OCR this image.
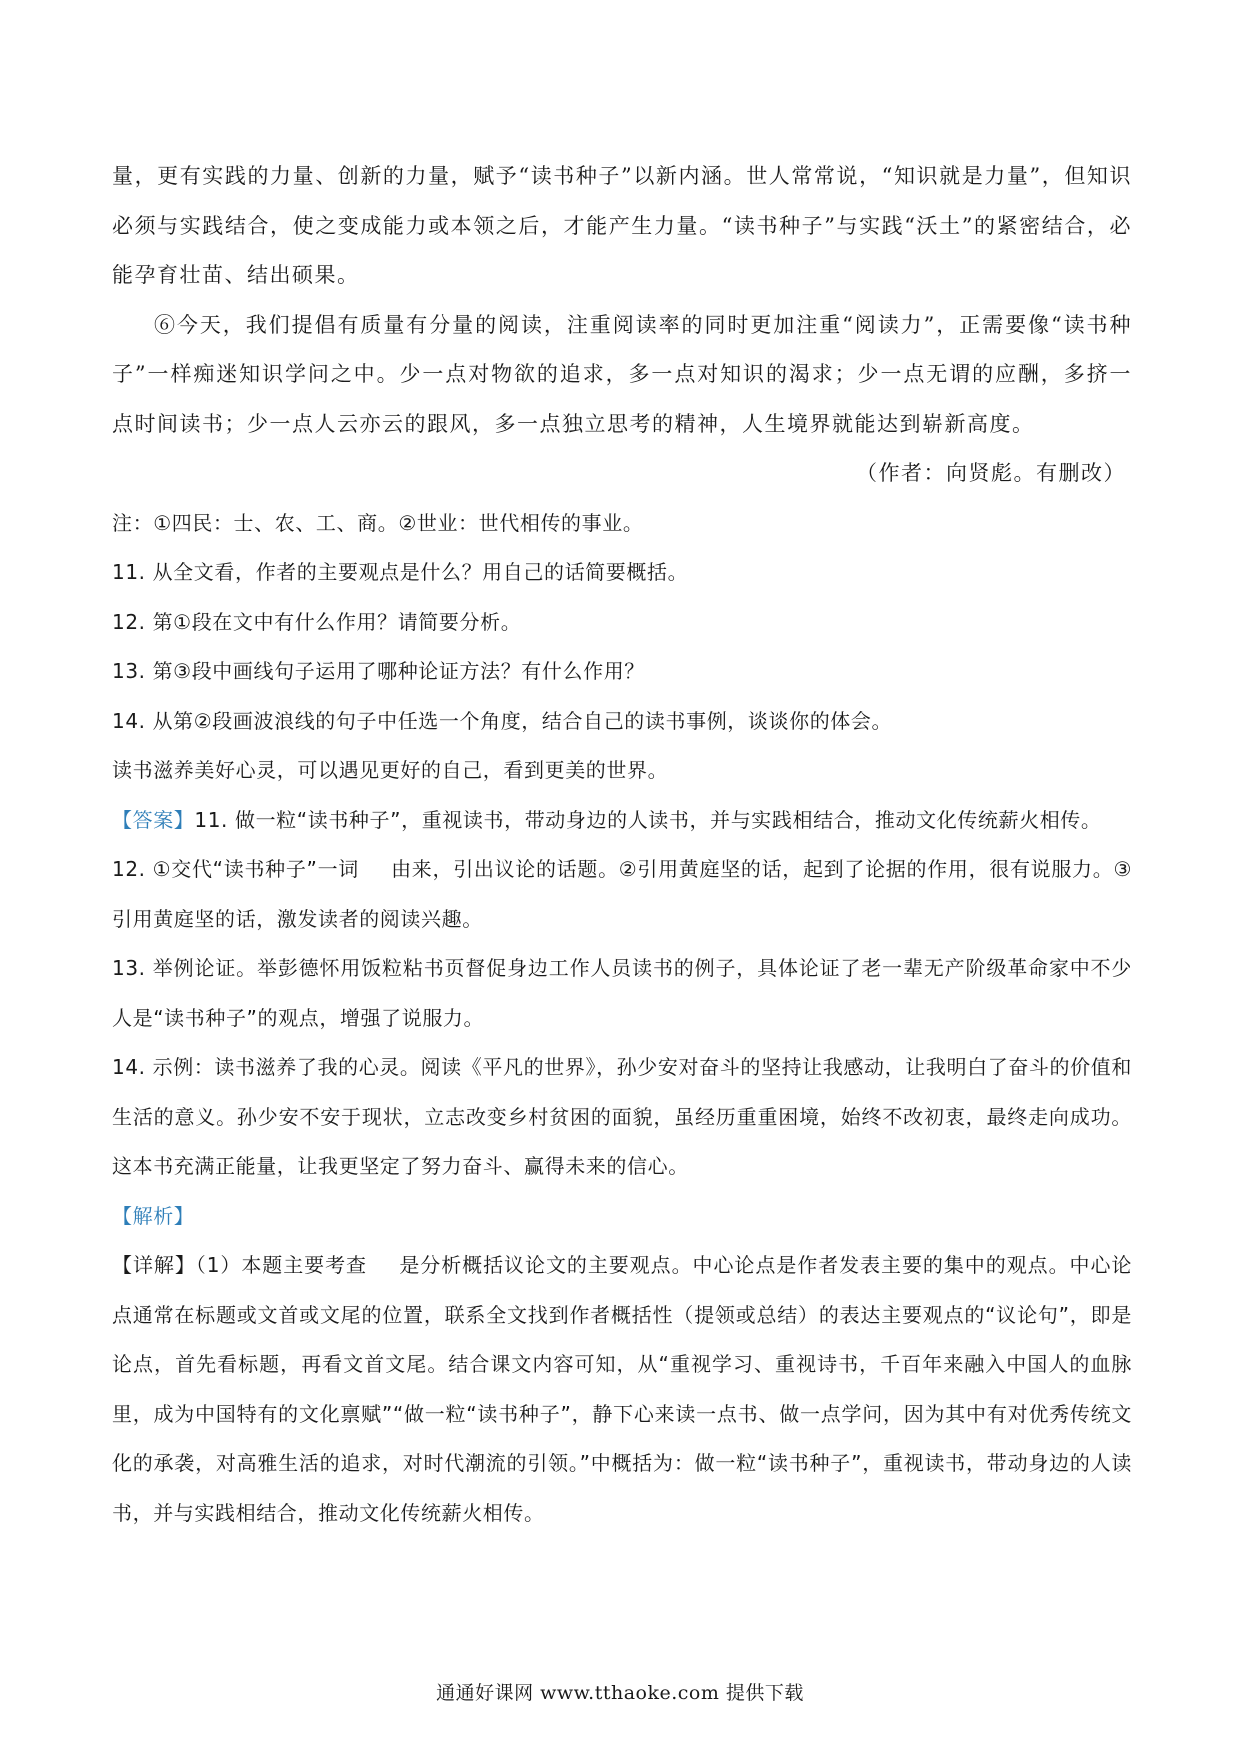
量，更有实践的力量、创新的力量，赋予“读书种子”以新内涵。世人常常说，“知识就是力量”，但知识必须与实践结合，使之变成能力或本领之后，才能产生力量。“读书种子”与实践“沃土”的紧密结合，必能孕育壮苗、结出硕果。

⑥今天，我们提倡有质量有分量的阅读，注重阅读率的同时更加注重“阅读力”，正需要像“读书种子”一样痴迷知识学问之中。少一点对物欲的追求，多一点对知识的渴求；少一点无谓的应酬，多挤一点时间读书；少一点人云亦云的跟风，多一点独立思考的精神，人生境界就能达到崭新高度。

（作者：向贤彪。有删改）

注：①四民：士、农、工、商。②世业：世代相传的事业。

11. 从全文看，作者的主要观点是什么？用自己的话简要概括。

12. 第①段在文中有什么作用？请简要分析。

13. 第③段中画线句子运用了哪种论证方法？有什么作用？

14. 从第②段画波浪线的句子中任选一个角度，结合自己的读书事例，谈谈你的体会。

读书滋养美好心灵，可以遇见更好的自己，看到更美的世界。

【答案】11. 做一粒“读书种子”，重视读书，带动身边的人读书，并与实践相结合，推动文化传统薪火相传。

12. ①交代“读书种子”一词 由来，引出议论的话题。②引用黄庭坚的话，起到了论据的作用，很有说服力。③引用黄庭坚的话，激发读者的阅读兴趣。

13. 举例论证。举彭德怀用饭粒粘书页督促身边工作人员读书的例子，具体论证了老一辈无产阶级革命家中不少人是“读书种子”的观点，增强了说服力。

14. 示例：读书滋养了我的心灵。阅读《平凡的世界》，孙少安对奋斗的坚持让我感动，让我明白了奋斗的价值和生活的意义。孙少安不安于现状，立志改变乡村贫困的面貌，虽经历重重困境，始终不改初衷，最终走向成功。这本书充满正能量，让我更坚定了努力奋斗、赢得未来的信心。

【解析】

【详解】（1）本题主要考查 是分析概括议论文的主要观点。中心论点是作者发表主要的集中的观点。中心论点通常在标题或文首或文尾的位置，联系全文找到作者概括性（提领或总结）的表达主要观点的“议论句”，即是论点，首先看标题，再看文首文尾。结合课文内容可知，从“重视学习、重视诗书，千百年来融入中国人的血脉里，成为中国特有的文化禀赋”“做一粒“读书种子”，静下心来读一点书、做一点学问，因为其中有对优秀传统文化的承袭，对高雅生活的追求，对时代潮流的引领。”中概括为：做一粒“读书种子”，重视读书，带动身边的人读书，并与实践相结合，推动文化传统薪火相传。

通通好课网 www.tthaoke.com 提供下载
